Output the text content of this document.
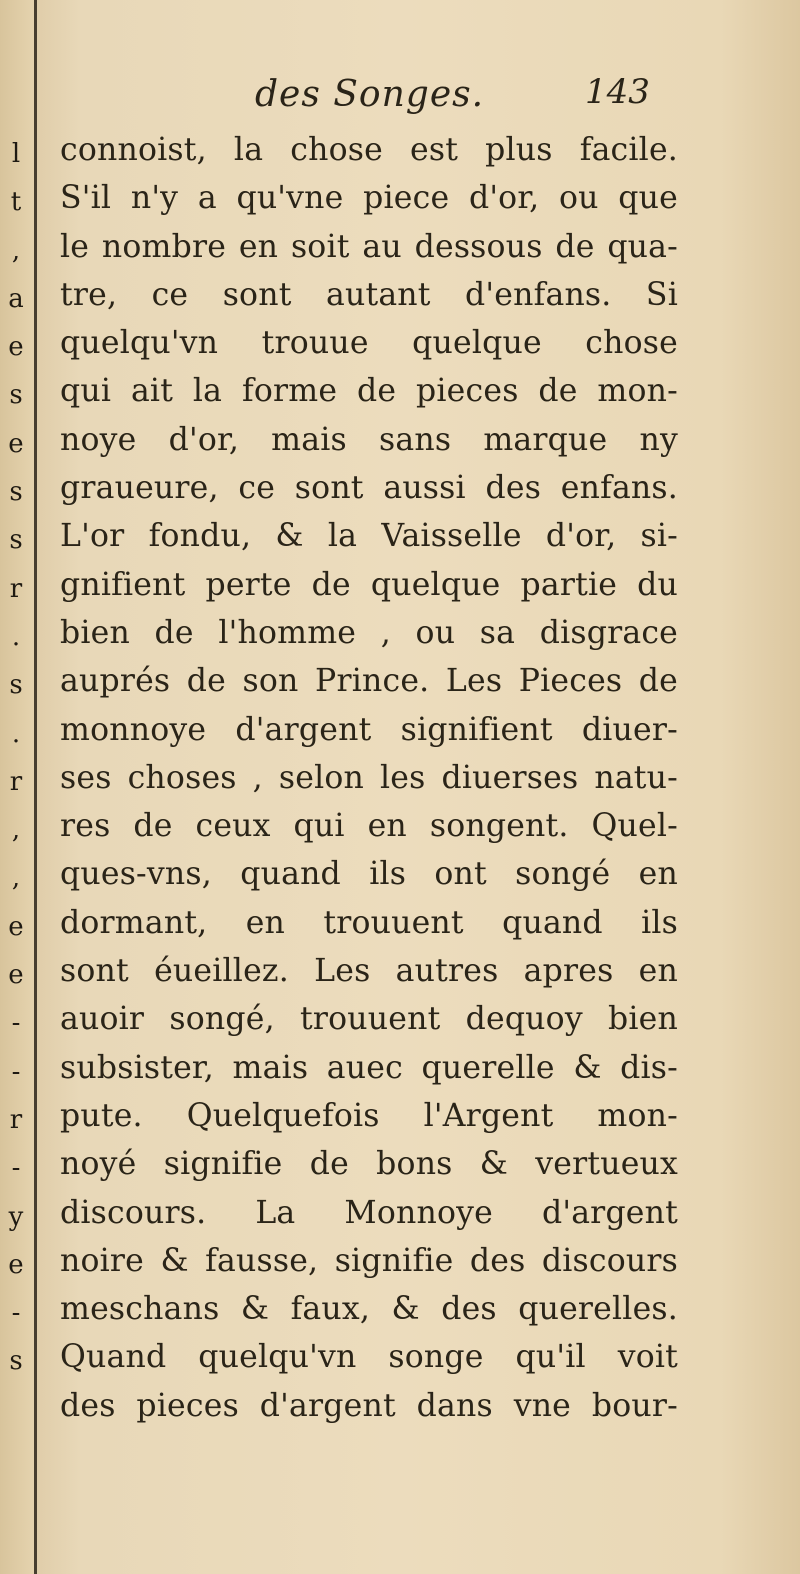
l
t
,
a
e
s
e
s
s
r
.
s
.
r
,
,
e
e
-
-
r
-
y
e
-
s
des Songes.	143
connoist, la chose est plus facile.
S'il n'y a qu'vne piece d'or, ou que
le nombre en soit au dessous de qua-
tre, ce sont autant d'enfans. Si
quelqu'vn trouue quelque chose
qui ait la forme de pieces de mon-
noye d'or, mais sans marque ny
graueure, ce sont aussi des enfans.
L'or fondu, & la Vaisselle d'or, si-
gnifient perte de quelque partie du
bien de l'homme , ou sa disgrace
auprés de son Prince. Les Pieces de
monnoye d'argent signifient diuer-
ses choses , selon les diuerses natu-
res de ceux qui en songent. Quel-
ques-vns, quand ils ont songé en
dormant, en trouuent quand ils
sont éueillez. Les autres apres en
auoir songé, trouuent dequoy bien
subsister, mais auec querelle & dis-
pute. Quelquefois l'Argent mon-
noyé signifie de bons & vertueux
discours. La Monnoye d'argent
noire & fausse, signifie des discours
meschans & faux, & des querelles.
Quand quelqu'vn songe qu'il voit
des pieces d'argent dans vne bour-
